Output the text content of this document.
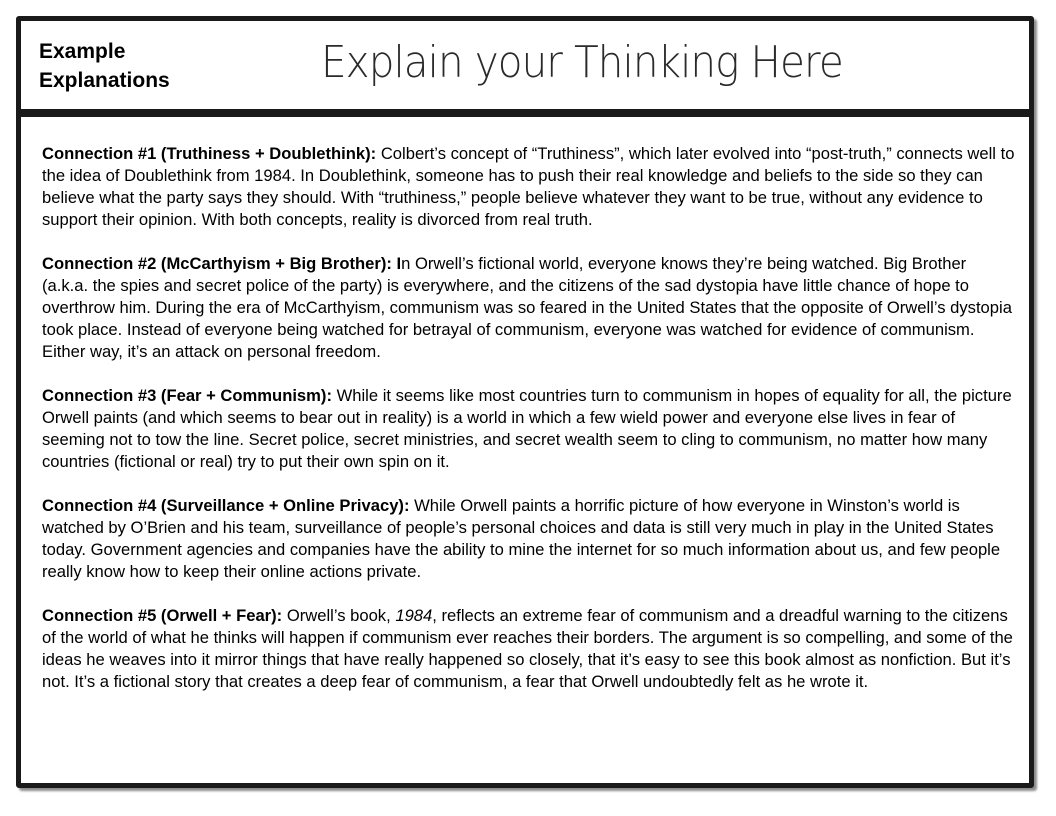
Example
Explanations	Explain your Thinking Here

Connection #1 (Truthiness + Doublethink): Colbert’s concept of “Truthiness”, which later evolved into “post-truth,” connects well to the idea of Doublethink from 1984. In Doublethink, someone has to push their real knowledge and beliefs to the side so they can believe what the party says they should. With “truthiness,” people believe whatever they want to be true, without any evidence to support their opinion. With both concepts, reality is divorced from real truth.

Connection #2 (McCarthyism + Big Brother): In Orwell’s fictional world, everyone knows they’re being watched. Big Brother (a.k.a. the spies and secret police of the party) is everywhere, and the citizens of the sad dystopia have little chance of hope to overthrow him. During the era of McCarthyism, communism was so feared in the United States that the opposite of Orwell’s dystopia took place. Instead of everyone being watched for betrayal of communism, everyone was watched for evidence of communism. Either way, it’s an attack on personal freedom.

Connection #3 (Fear + Communism): While it seems like most countries turn to communism in hopes of equality for all, the picture Orwell paints (and which seems to bear out in reality) is a world in which a few wield power and everyone else lives in fear of seeming not to tow the line. Secret police, secret ministries, and secret wealth seem to cling to communism, no matter how many countries (fictional or real) try to put their own spin on it.

Connection #4 (Surveillance + Online Privacy): While Orwell paints a horrific picture of how everyone in Winston’s world is watched by O’Brien and his team, surveillance of people’s personal choices and data is still very much in play in the United States today. Government agencies and companies have the ability to mine the internet for so much information about us, and few people really know how to keep their online actions private.

Connection #5 (Orwell + Fear): Orwell’s book, 1984, reflects an extreme fear of communism and a dreadful warning to the citizens of the world of what he thinks will happen if communism ever reaches their borders. The argument is so compelling, and some of the ideas he weaves into it mirror things that have really happened so closely, that it’s easy to see this book almost as nonfiction. But it’s not. It’s a fictional story that creates a deep fear of communism, a fear that Orwell undoubtedly felt as he wrote it.
